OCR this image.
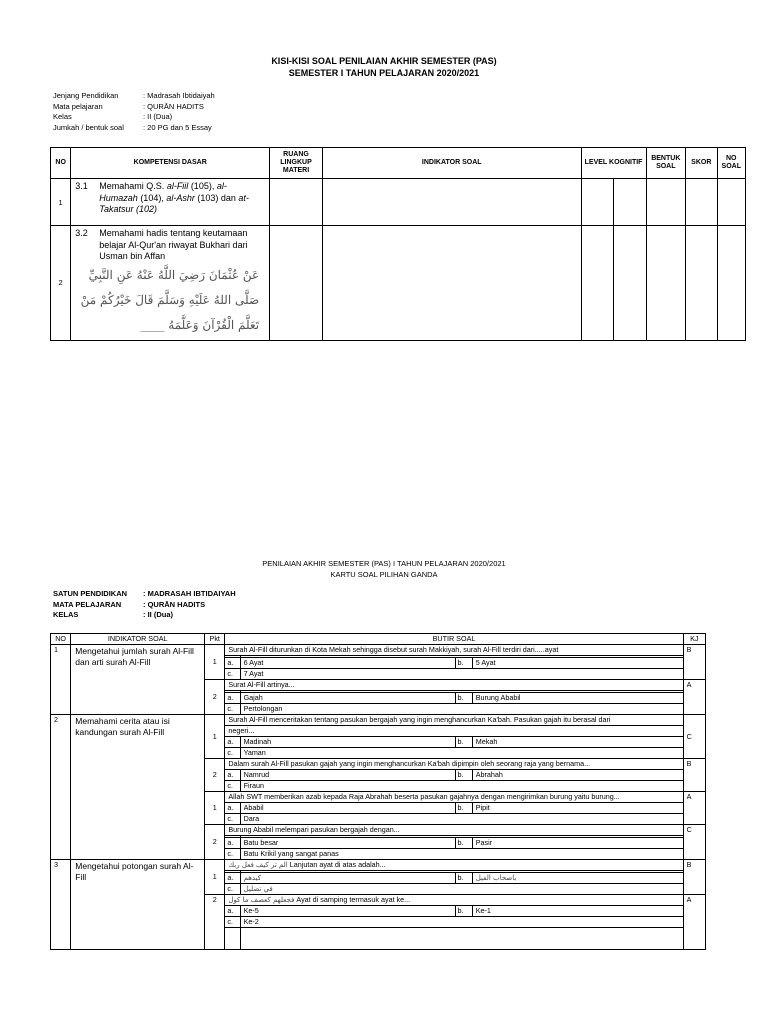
KISI-KISI SOAL PENILAIAN AKHIR SEMESTER (PAS)
SEMESTER I TAHUN PELAJARAN 2020/2021
Jenjang Pendidikan	: Madrasah Ibtidaiyah
Mata pelajaran	: QURĀN HADITS
Kelas	: II (Dua)
Jumkah / bentuk soal	: 20 PG dan 5 Essay
NO	KOMPETENSI DASAR	RUANG LINGKUP MATERI	INDIKATOR SOAL	LEVEL KOGNITIF		BENTUK SOAL	SKOR	NO SOAL
1	3.1 Memahami Q.S. al-Fiil (105), al-Humazah (104), al-Ashr (103) dan at-Takatsur (102)							

2	3.2 Memahami hadis tentang keutamaan belajar Al-Qur'an riwayat Bukhari dari Usman bin Affan
عَنْ عُثْمَانَ رَضِيَ اللَّهُ عَنْهُ عَنِ النَّبِيِّ
صَلَّى اللهُ عَلَيْهِ وَسَلَّمَ قَالَ خَيْرُكُمْ مَنْ
تَعَلَّمَ الْقُرْآنَ وَعَلَّمَهُ ____							

PENILAIAN AKHIR SEMESTER (PAS) I TAHUN PELAJARAN 2020/2021
KARTU SOAL PILIHAN GANDA
SATUN PENDIDIKAN : MADRASAH IBTIDAIYAH
MATA PELAJARAN	: QURĀN HADITS
KELAS	: II (Dua)
NO	INDIKATOR SOAL	Pkt	BUTIR SOAL				KJ
1	Mengetahui jumlah surah Al-Fill dan arti surah Al-Fill	1	Surah Al-Fill diturunkan di Kota Mekah sehingga disebut surah Makkiyah, surah Al-Fill terdiri dari.....ayat				B

			a.	6 Ayat	b.	5 Ayat	
			c.	7 Ayat			
		2	Surat Al-Fill artinya...				A

			a.	Gajah	b.	Burung Ababil	
			c.	Pertolongan			
2	Memahami cerita atau isi kandungan surah Al-Fill	1	Surah Al-Fill menceritakan tentang pasukan bergajah yang ingin menghancurkan Ka'bah. Pasukan gajah itu berasal dari				C
			negeri...				
			a.	Madinah	b.	Mekah	
			c.	Yaman			
		2	Dalam surah Al-Fill pasukan gajah yang ingin menghancurkan Ka'bah dipimpin oleh seorang raja yang bernama...				B
			a.	Namrud	b.	Abrahah	
			c.	Firaun			
		1	Allah SWT memberikan azab kepada Raja Abrahah beserta pasukan gajahnya dengan mengirimkan burung yaitu burung...				A
			a.	Ababil	b.	Pipit	
			c.	Dara			
		2	Burung Ababil melempari pasukan bergajah dengan...				C

			a.	Batu besar	b.	Pasir	
			c.	Batu Krikil yang sangat panas			
3	Mengetahui potongan surah Al-Fill	1	الم تر كيف فعل ربك Lanjutan ayat di atas adalah...				B

			a.	كيدهم	b.	باصحاب الفيل	
			c.	في تضليل			
		2	فجعلهم كعصف ما كول Ayat di samping termasuk ayat ke...				A
			a.	Ke-5	b.	Ke-1	
			c.	Ke-2			
